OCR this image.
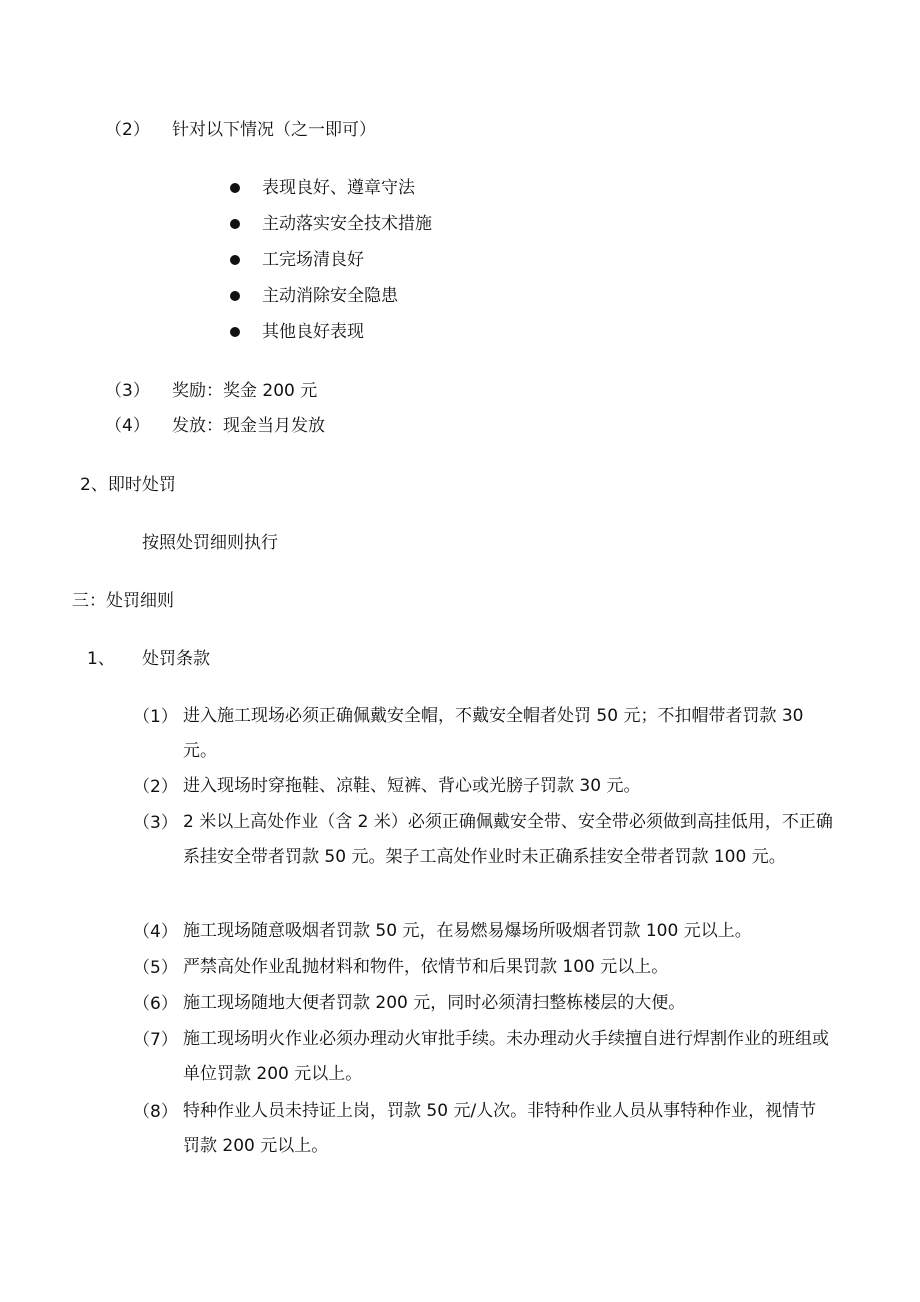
（2） 针对以下情况（之一即可）
表现良好、遵章守法
主动落实安全技术措施
工完场清良好
主动消除安全隐患
其他良好表现
（3） 奖励：奖金 200 元
（4） 发放：现金当月发放
2、即时处罚
按照处罚细则执行
三：处罚细则
1、 处罚条款
（1） 进入施工现场必须正确佩戴安全帽，不戴安全帽者处罚 50 元；不扣帽带者罚款 30 元。
（2） 进入现场时穿拖鞋、凉鞋、短裤、背心或光膀子罚款 30 元。
（3） 2 米以上高处作业（含 2 米）必须正确佩戴安全带、安全带必须做到高挂低用，不正确系挂安全带者罚款 50 元。架子工高处作业时未正确系挂安全带者罚款 100 元。
（4） 施工现场随意吸烟者罚款 50 元，在易燃易爆场所吸烟者罚款 100 元以上。
（5） 严禁高处作业乱抛材料和物件，依情节和后果罚款 100 元以上。
（6） 施工现场随地大便者罚款 200 元，同时必须清扫整栋楼层的大便。
（7） 施工现场明火作业必须办理动火审批手续。未办理动火手续擅自进行焊割作业的班组或单位罚款 200 元以上。
（8） 特种作业人员未持证上岗，罚款 50 元/人次。非特种作业人员从事特种作业，视情节罚款 200 元以上。
